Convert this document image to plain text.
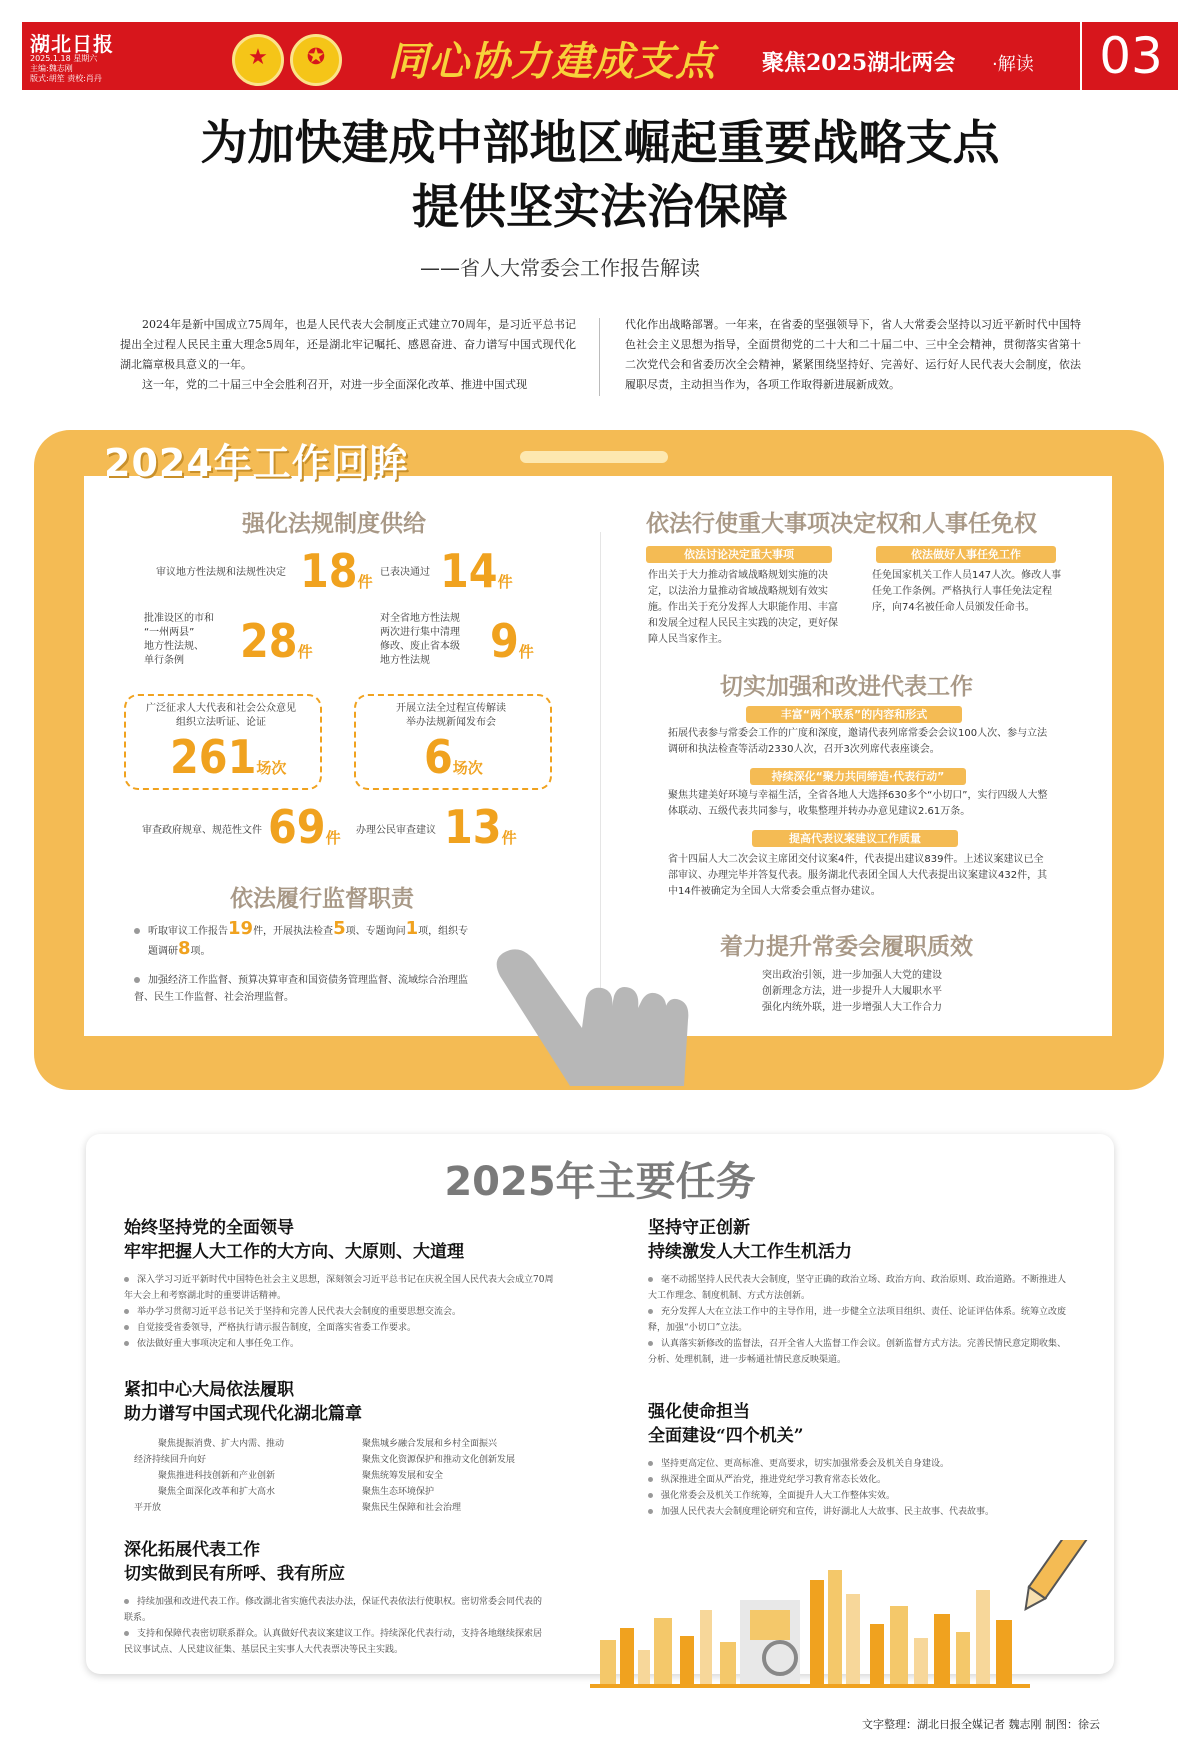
湖北日报
2025.1.18 星期六
主编:魏志刚
版式:胡笙 责校:肖丹
★	✪	同心协力建成支点 聚焦2025湖北两会 ·解读	03
为加快建成中部地区崛起重要战略支点
提供坚实法治保障
——省人大常委会工作报告解读

2024年是新中国成立75周年，也是人民代表大会制度正式建立70周年，是习近平总书记提出全过程人民民主重大理念5周年，还是湖北牢记嘱托、感恩奋进、奋力谱写中国式现代化湖北篇章极具意义的一年。

这一年，党的二十届三中全会胜利召开，对进一步全面深化改革、推进中国式现

代化作出战略部署。一年来，在省委的坚强领导下，省人大常委会坚持以习近平新时代中国特色社会主义思想为指导，全面贯彻党的二十大和二十届二中、三中全会精神，贯彻落实省第十二次党代会和省委历次全会精神，紧紧围绕坚持好、完善好、运行好人民代表大会制度，依法履职尽责，主动担当作为，各项工作取得新进展新成效。

2024年工作回眸
强化法规制度供给
审议地方性法规和法规性决定 18件
已表决通过 14件
批准设区的市和
“一州两县”
地方性法规、
单行条例	28件
对全省地方性法规
两次进行集中清理
修改、废止省本级
地方性法规	9件
广泛征求人大代表和社会公众意见
组织立法听证、论证
261场次
开展立法全过程宣传解读
举办法规新闻发布会
6场次
审查政府规章、规范性文件 69件 办理公民审查建议 13件
依法履行监督职责
听取审议工作报告19件，开展执法检查5项、专题询问1项，组织专
题调研8项。
加强经济工作监督、预算决算审查和国资债务管理监督、流域综合治理监督、民生工作监督、社会治理监督。
依法行使重大事项决定权和人事任免权
依法讨论决定重大事项
作出关于大力推动省域战略规划实施的决定，以法治力量推动省域战略规划有效实施。作出关于充分发挥人大职能作用、丰富和发展全过程人民民主实践的决定，更好保障人民当家作主。
依法做好人事任免工作
任免国家机关工作人员147人次。修改人事任免工作条例。严格执行人事任免法定程序，向74名被任命人员颁发任命书。
切实加强和改进代表工作
丰富“两个联系”的内容和形式
拓展代表参与常委会工作的广度和深度，邀请代表列席常委会会议100人次、参与立法调研和执法检查等活动2330人次，召开3次列席代表座谈会。
持续深化“聚力共同缔造·代表行动”
聚焦共建美好环境与幸福生活，全省各地人大选择630多个“小切口”，实行四级人大整体联动、五级代表共同参与，收集整理并转办办意见建议2.61万条。
提高代表议案建议工作质量
省十四届人大二次会议主席团交付议案4件，代表提出建议839件。上述议案建议已全部审议、办理完毕并答复代表。服务湖北代表团全国人大代表提出议案建议432件，其中14件被确定为全国人大常委会重点督办建议。
着力提升常委会履职质效
突出政治引领，进一步加强人大党的建设
创新理念方法，进一步提升人大履职水平
强化内统外联，进一步增强人大工作合力
2025年主要任务
始终坚持党的全面领导
牢牢把握人大工作的大方向、大原则、大道理
深入学习习近平新时代中国特色社会主义思想，深刻领会习近平总书记在庆祝全国人民代表大会成立70周年大会上和考察湖北时的重要讲话精神。
举办学习贯彻习近平总书记关于坚持和完善人民代表大会制度的重要思想交流会。
自觉接受省委领导，严格执行请示报告制度，全面落实省委工作要求。
依法做好重大事项决定和人事任免工作。
紧扣中心大局依法履职
助力谱写中国式现代化湖北篇章
聚焦提振消费、扩大内需、推动
经济持续回升向好
聚焦推进科技创新和产业创新
聚焦全面深化改革和扩大高水
平开放
聚焦城乡融合发展和乡村全面振兴
聚焦文化资源保护和推动文化创新发展
聚焦统筹发展和安全
聚焦生态环境保护
聚焦民生保障和社会治理
深化拓展代表工作
切实做到民有所呼、我有所应
持续加强和改进代表工作。修改湖北省实施代表法办法，保证代表依法行使职权。密切常委会同代表的联系。
支持和保障代表密切联系群众。认真做好代表议案建议工作。持续深化代表行动，支持各地继续探索居民议事试点、人民建议征集、基层民主实事人大代表票决等民主实践。
坚持守正创新
持续激发人大工作生机活力
毫不动摇坚持人民代表大会制度，坚守正确的政治立场、政治方向、政治原则、政治道路。不断推进人大工作理念、制度机制、方式方法创新。
充分发挥人大在立法工作中的主导作用，进一步健全立法项目组织、责任、论证评估体系。统筹立改废释，加强“小切口”立法。
认真落实新修改的监督法，召开全省人大监督工作会议。创新监督方式方法。完善民情民意定期收集、分析、处理机制，进一步畅通社情民意反映渠道。
强化使命担当
全面建设“四个机关”
坚持更高定位、更高标准、更高要求，切实加强常委会及机关自身建设。
纵深推进全面从严治党，推进党纪学习教育常态长效化。
强化常委会及机关工作统筹，全面提升人大工作整体实效。
加强人民代表大会制度理论研究和宣传，讲好湖北人大故事、民主故事、代表故事。
文字整理：湖北日报全媒记者 魏志刚 制图：徐云
